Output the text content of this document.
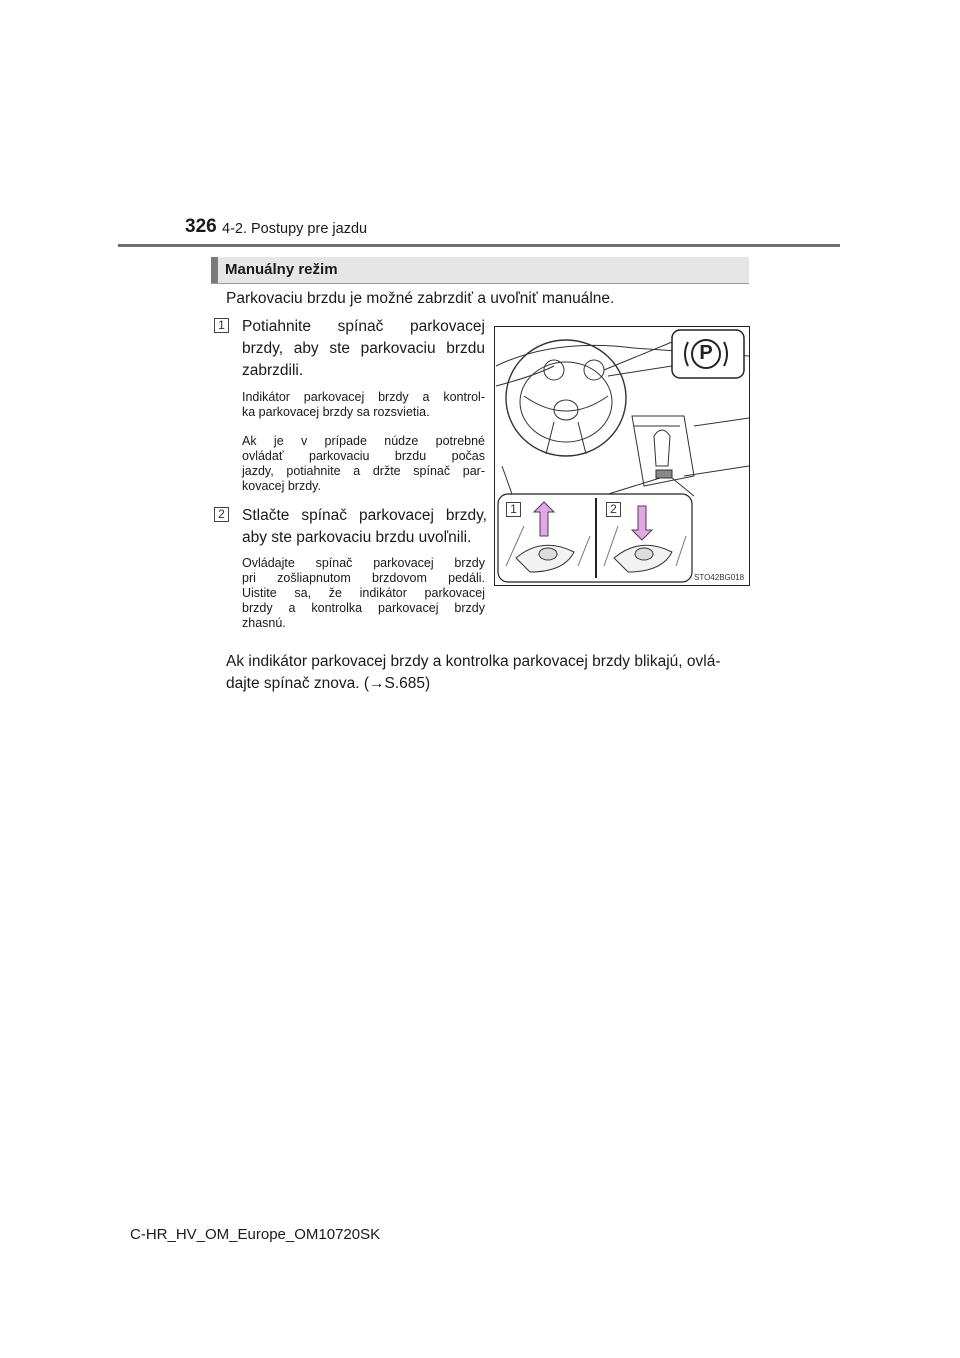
326 4-2. Postupy pre jazdu
Manuálny režim
Parkovaciu brzdu je možné zabrzdiť a uvoľniť manuálne.
1 Potiahnite spínač parkovacej
brzdy, aby ste parkovaciu brzdu
zabrzdili.
Indikátor parkovacej brzdy a kontrol-
ka parkovacej brzdy sa rozsvietia.
Ak je v prípade núdze potrebné
ovládať parkovaciu brzdu počas
jazdy, potiahnite a držte spínač par-
kovacej brzdy.
2 Stlačte spínač parkovacej brzdy,
aby ste parkovaciu brzdu uvoľnili.
Ovládajte spínač parkovacej brzdy
pri zošliapnutom brzdovom pedáli.
Uistite sa, že indikátor parkovacej
brzdy a kontrolka parkovacej brzdy
zhasnú.
Ak indikátor parkovacej brzdy a kontrolka parkovacej brzdy blikajú, ovlá-
dajte spínač znova. (→S.685)
1	2
P
STO42BG018
C-HR_HV_OM_Europe_OM10720SK
